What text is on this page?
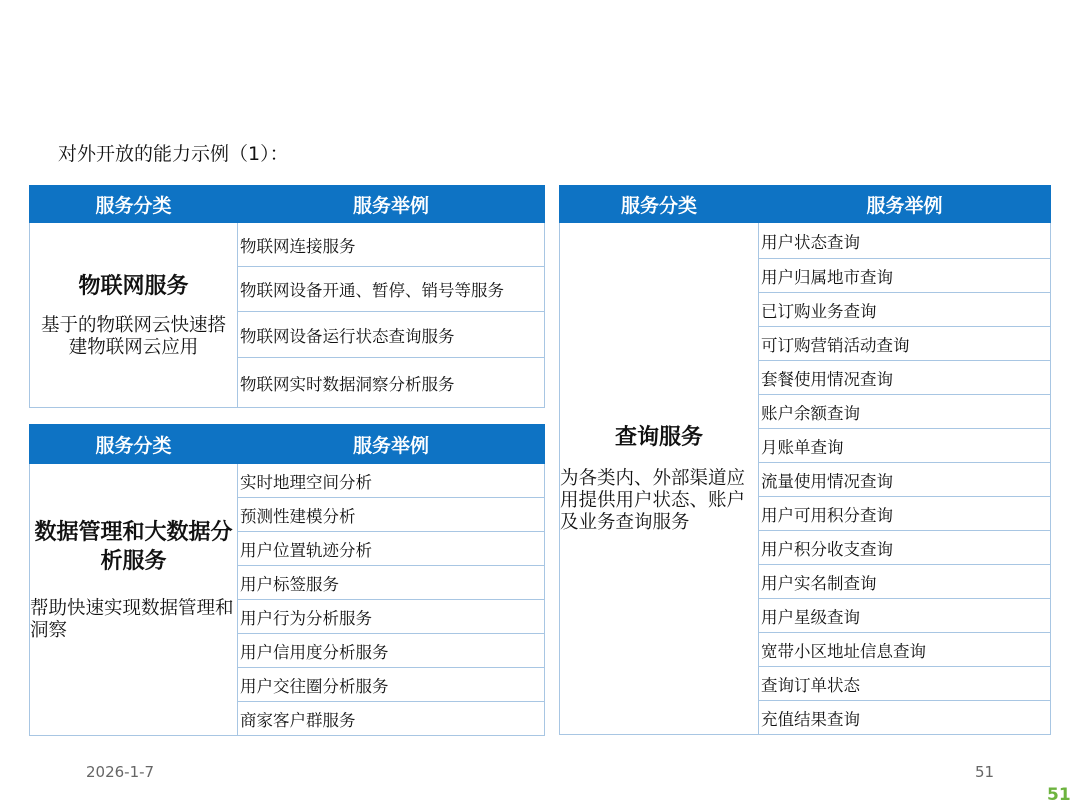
对外开放的能力示例（1）：
服务分类	服务举例

物联网服务
基于的物联网云快速搭建物联网云应用	物联网连接服务
	物联网设备开通、暂停、销号等服务
	物联网设备运行状态查询服务
	物联网实时数据洞察分析服务
服务分类	服务举例

数据管理和大数据分析服务
帮助快速实现数据管理和洞察	实时地理空间分析
	预测性建模分析
	用户位置轨迹分析
	用户标签服务
	用户行为分析服务
	用户信用度分析服务
	用户交往圈分析服务
	商家客户群服务
服务分类	服务举例

查询服务
为各类内、外部渠道应用提供用户状态、账户及业务查询服务	用户状态查询
	用户归属地市查询
	已订购业务查询
	可订购营销活动查询
	套餐使用情况查询
	账户余额查询
	月账单查询
	流量使用情况查询
	用户可用积分查询
	用户积分收支查询
	用户实名制查询
	用户星级查询
	宽带小区地址信息查询
	查询订单状态
	充值结果查询
2026-1-7	51
51
